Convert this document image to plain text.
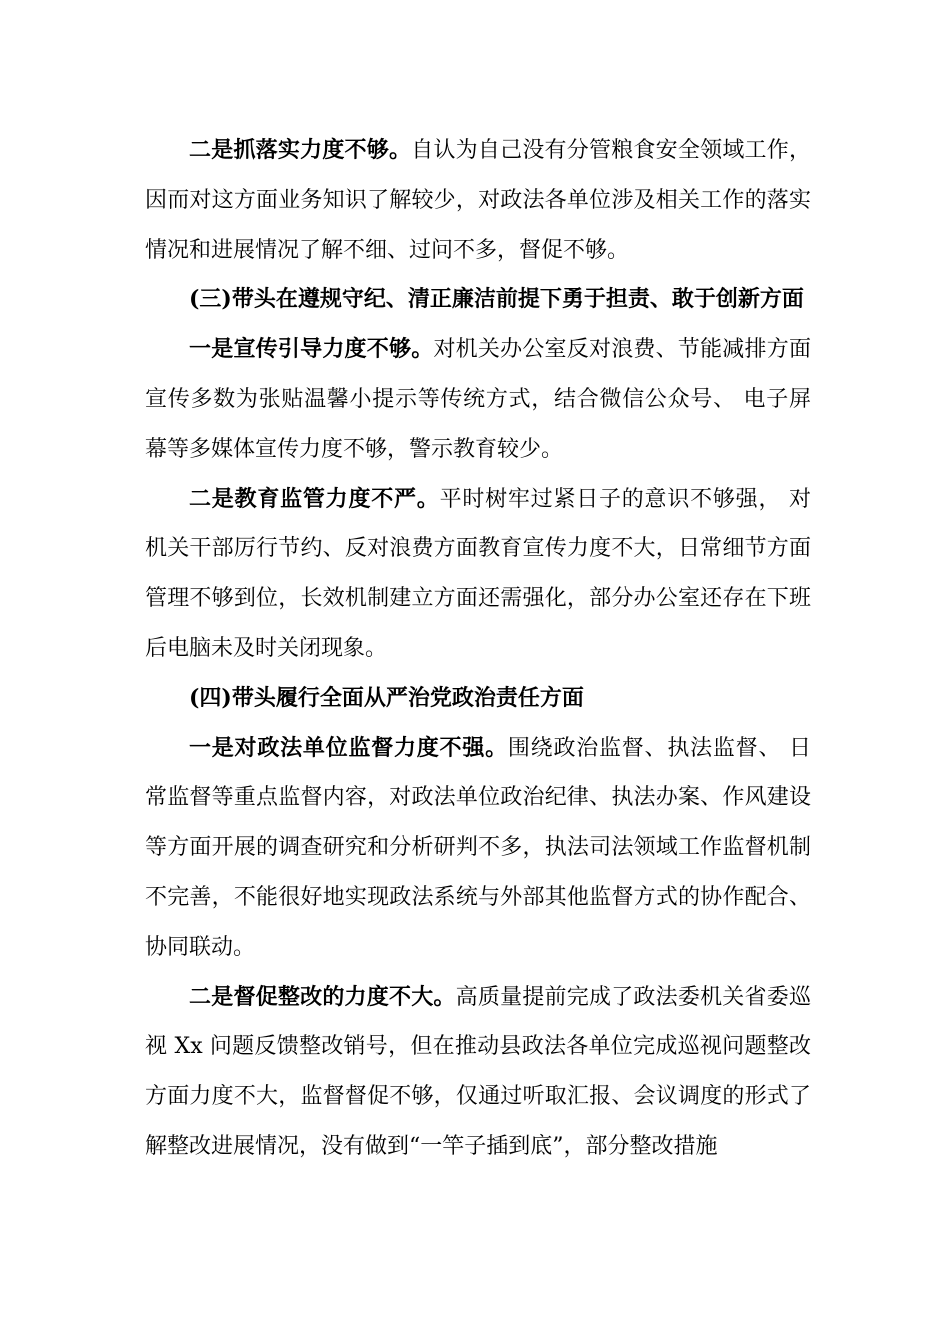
二是抓落实力度不够。自认为自己没有分管粮食安全领域工作，因而对这方面业务知识了解较少，对政法各单位涉及相关工作的落实情况和进展情况了解不细、过问不多，督促不够。

(三)带头在遵规守纪、清正廉洁前提下勇于担责、敢于创新方面

一是宣传引导力度不够。对机关办公室反对浪费、节能减排方面宣传多数为张贴温馨小提示等传统方式，结合微信公众号、 电子屏幕等多媒体宣传力度不够，警示教育较少。

二是教育监管力度不严。平时树牢过紧日子的意识不够强， 对机关干部厉行节约、反对浪费方面教育宣传力度不大，日常细节方面管理不够到位，长效机制建立方面还需强化，部分办公室还存在下班后电脑未及时关闭现象。

(四)带头履行全面从严治党政治责任方面

一是对政法单位监督力度不强。围绕政治监督、执法监督、 日常监督等重点监督内容，对政法单位政治纪律、执法办案、作风建设等方面开展的调查研究和分析研判不多，执法司法领域工作监督机制不完善，不能很好地实现政法系统与外部其他监督方式的协作配合、协同联动。

二是督促整改的力度不大。高质量提前完成了政法委机关省委巡视 Xx 问题反馈整改销号，但在推动县政法各单位完成巡视问题整改方面力度不大，监督督促不够，仅通过听取汇报、会议调度的形式了解整改进展情况，没有做到“一竿子插到底”，部分整改措施
